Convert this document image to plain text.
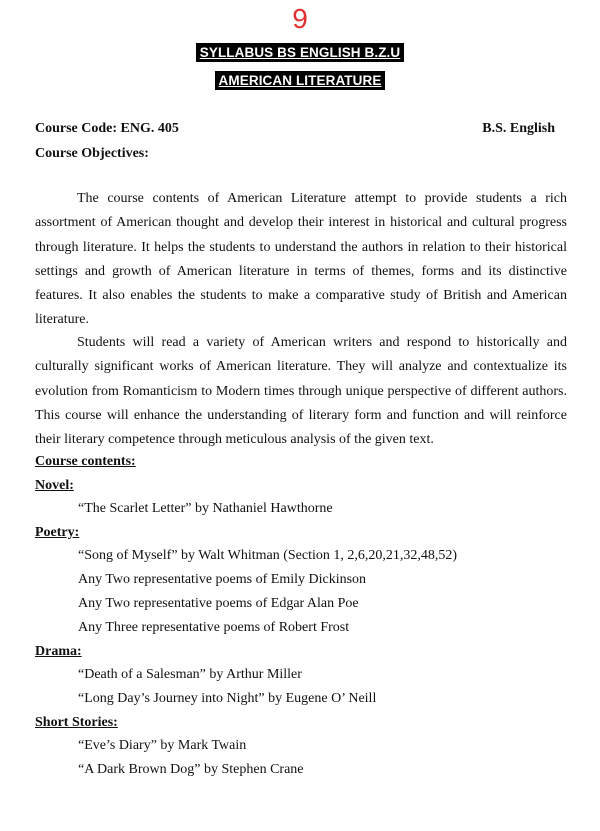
9
SYLLABUS BS ENGLISH B.Z.U
AMERICAN LITERATURE
Course Code: ENG. 405	B.S. English
Course Objectives:

The course contents of American Literature attempt to provide students a rich assortment of American thought and develop their interest in historical and cultural progress through literature. It helps the students to understand the authors in relation to their historical settings and growth of American literature in terms of themes, forms and its distinctive features. It also enables the students to make a comparative study of British and American literature.

Students will read a variety of American writers and respond to historically and culturally significant works of American literature. They will analyze and contextualize its evolution from Romanticism to Modern times through unique perspective of different authors. This course will enhance the understanding of literary form and function and will reinforce their literary competence through meticulous analysis of the given text.

Course contents:
Novel:
“The Scarlet Letter” by Nathaniel Hawthorne
Poetry:
“Song of Myself” by Walt Whitman (Section 1, 2,6,20,21,32,48,52)
Any Two representative poems of Emily Dickinson
Any Two representative poems of Edgar Alan Poe
Any Three representative poems of Robert Frost
Drama:
“Death of a Salesman” by Arthur Miller
“Long Day’s Journey into Night” by Eugene O’ Neill
Short Stories:
“Eve’s Diary” by Mark Twain
“A Dark Brown Dog” by Stephen Crane
